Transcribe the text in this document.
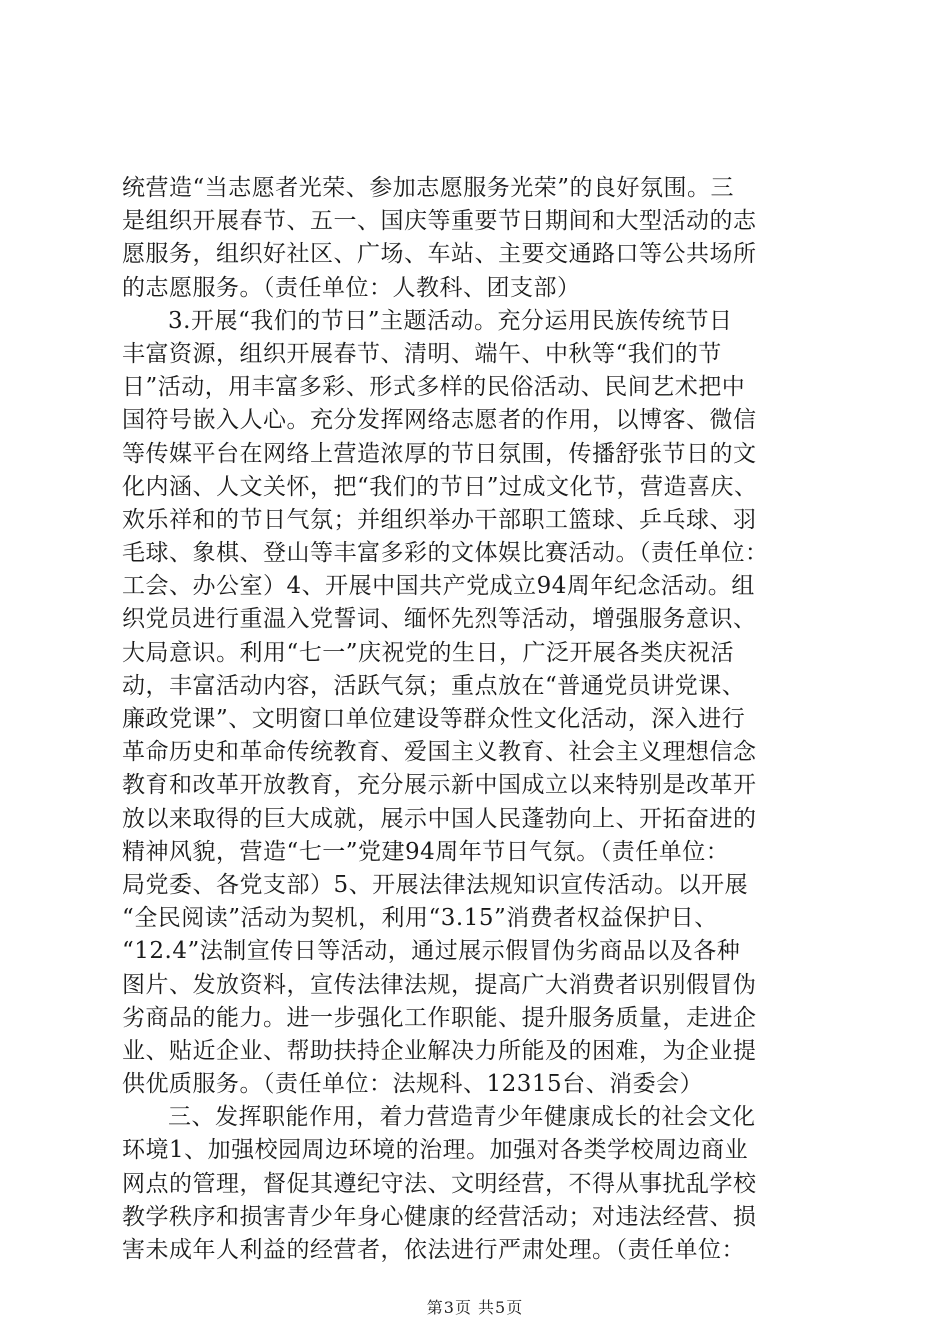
统营造“当志愿者光荣、参加志愿服务光荣”的良好氛围。三
是组织开展春节、五一、国庆等重要节日期间和大型活动的志
愿服务，组织好社区、广场、车站、主要交通路口等公共场所
的志愿服务。（责任单位：人教科、团支部）
3.开展“我们的节日”主题活动。充分运用民族传统节日
丰富资源，组织开展春节、清明、端午、中秋等“我们的节
日”活动，用丰富多彩、形式多样的民俗活动、民间艺术把中
国符号嵌入人心。充分发挥网络志愿者的作用，以博客、微信
等传媒平台在网络上营造浓厚的节日氛围，传播舒张节日的文
化内涵、人文关怀，把“我们的节日”过成文化节，营造喜庆、
欢乐祥和的节日气氛；并组织举办干部职工篮球、乒乓球、羽
毛球、象棋、登山等丰富多彩的文体娱比赛活动。（责任单位：
工会、办公室）4、开展中国共产党成立94周年纪念活动。组
织党员进行重温入党誓词、缅怀先烈等活动，增强服务意识、
大局意识。利用“七一”庆祝党的生日，广泛开展各类庆祝活
动，丰富活动内容，活跃气氛；重点放在“普通党员讲党课、
廉政党课”、文明窗口单位建设等群众性文化活动，深入进行
革命历史和革命传统教育、爱国主义教育、社会主义理想信念
教育和改革开放教育，充分展示新中国成立以来特别是改革开
放以来取得的巨大成就，展示中国人民蓬勃向上、开拓奋进的
精神风貌，营造“七一”党建94周年节日气氛。（责任单位：
局党委、各党支部）5、开展法律法规知识宣传活动。以开展
“全民阅读”活动为契机，利用“3.15”消费者权益保护日、
“12.4”法制宣传日等活动，通过展示假冒伪劣商品以及各种
图片、发放资料，宣传法律法规，提高广大消费者识别假冒伪
劣商品的能力。进一步强化工作职能、提升服务质量，走进企
业、贴近企业、帮助扶持企业解决力所能及的困难，为企业提
供优质服务。（责任单位：法规科、12315台、消委会）
三、发挥职能作用，着力营造青少年健康成长的社会文化
环境1、加强校园周边环境的治理。加强对各类学校周边商业
网点的管理，督促其遵纪守法、文明经营，不得从事扰乱学校
教学秩序和损害青少年身心健康的经营活动；对违法经营、损
害未成年人利益的经营者，依法进行严肃处理。（责任单位：
第3页 共5页
